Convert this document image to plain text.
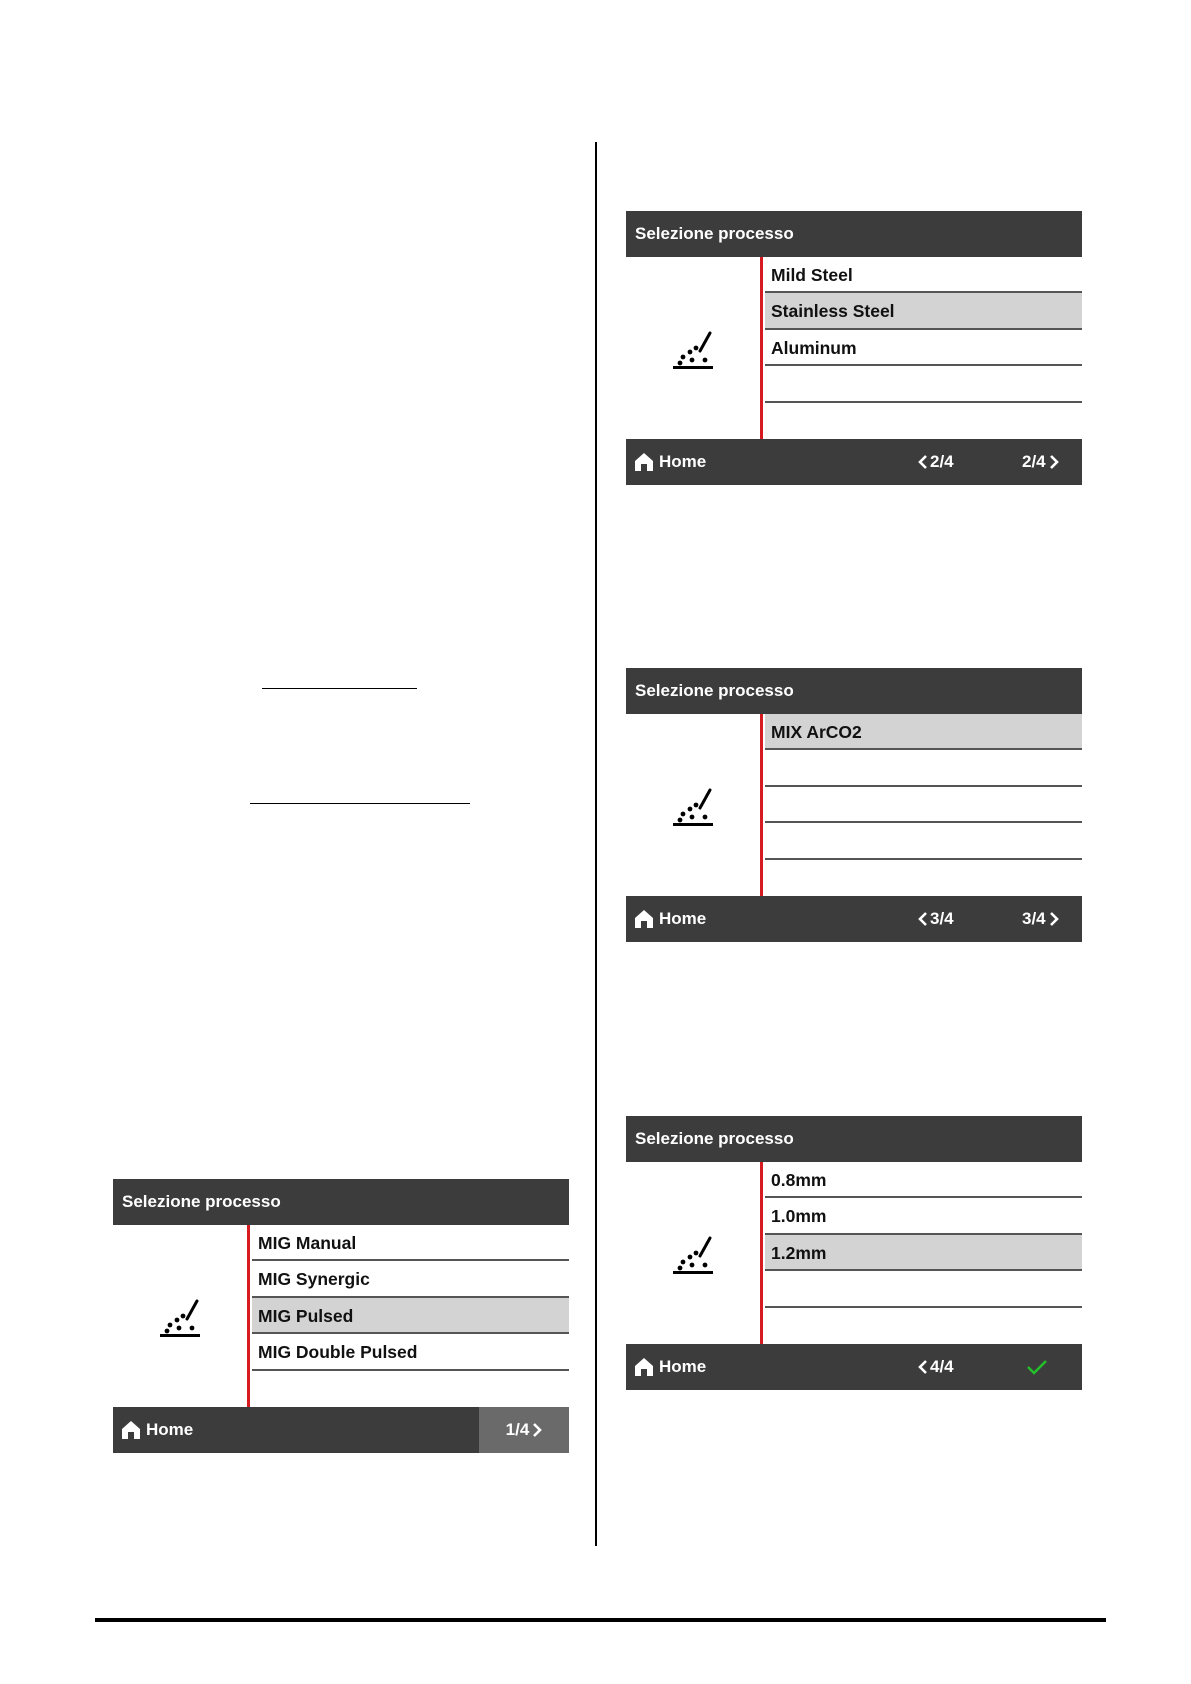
Selezione processo
MIG Manual
MIG Synergic
MIG Pulsed
MIG Double Pulsed
Home	1/4
Selezione processo
Mild Steel
Stainless Steel
Aluminum
Home	2/4	2/4
Selezione processo
MIX ArCO2
Home	3/4	3/4
Selezione processo
0.8mm
1.0mm
1.2mm
Home	4/4
